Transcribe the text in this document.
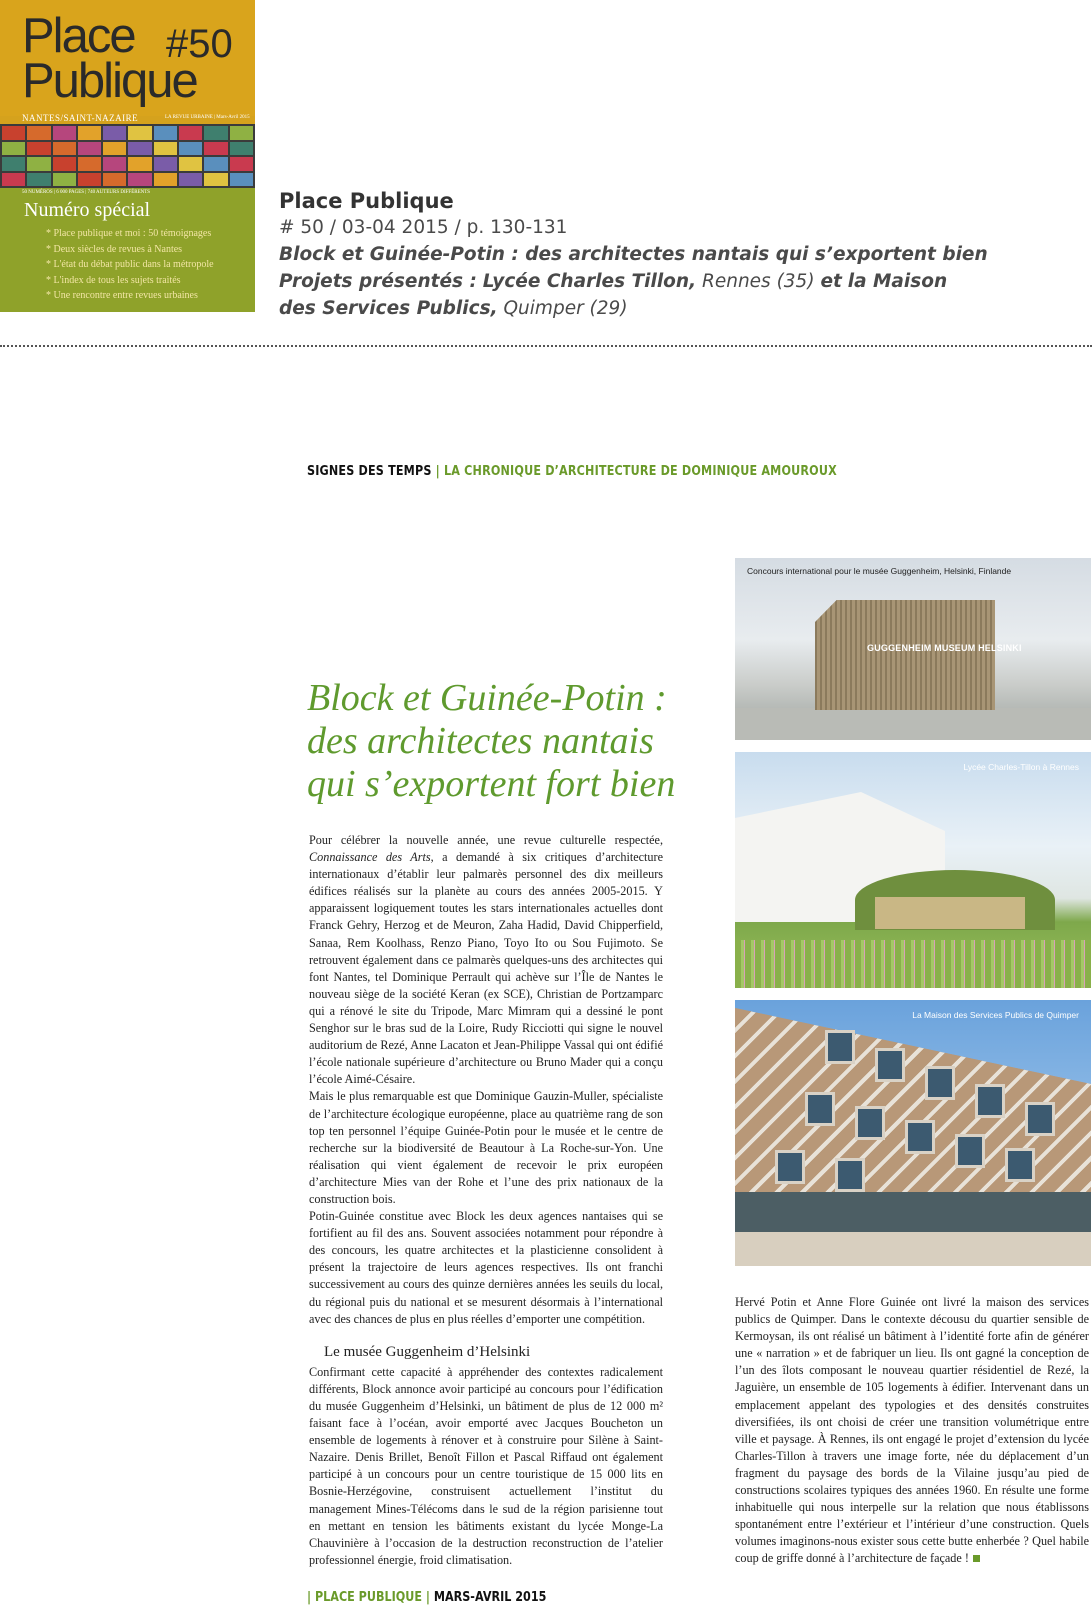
Place
Publique
#50
NANTES/SAINT-NAZAIRE	LA REVUE URBAINE | Mars-Avril 2015
50 NUMÉROS | 6 000 PAGES | 740 AUTEURS DIFFÉRENTS
Numéro spécial
* Place publique et moi : 50 témoignages
* Deux siècles de revues à Nantes
* L'état du débat public dans la métropole
* L'index de tous les sujets traités
* Une rencontre entre revues urbaines
Place Publique
# 50 / 03-04 2015 / p. 130-131
Block et Guinée-Potin : des architectes nantais qui s’exportent bien
Projets présentés : Lycée Charles Tillon, Rennes (35) et la Maison des Services Publics, Quimper (29)
SIGNES DES TEMPS | LA CHRONIQUE D’ARCHITECTURE DE DOMINIQUE AMOUROUX
Block et Guinée-Potin :
des architectes nantais
qui s’exportent fort bien

Pour célébrer la nouvelle année, une revue culturelle respectée, Connaissance des Arts, a demandé à six critiques d’architecture internationaux d’établir leur palmarès personnel des dix meilleurs édifices réalisés sur la planète au cours des années 2005-2015. Y apparaissent logiquement toutes les stars internationales actuelles dont Franck Gehry, Herzog et de Meuron, Zaha Hadid, David Chipperfield, Sanaa, Rem Koolhass, Renzo Piano, Toyo Ito ou Sou Fujimoto. Se retrouvent également dans ce palmarès quelques-uns des architectes qui font Nantes, tel Dominique Perrault qui achève sur l’Île de Nantes le nouveau siège de la société Keran (ex SCE), Christian de Portzamparc qui a rénové le site du Tripode, Marc Mimram qui a dessiné le pont Senghor sur le bras sud de la Loire, Rudy Ricciotti qui signe le nouvel auditorium de Rezé, Anne Lacaton et Jean-Philippe Vassal qui ont édifié l’école nationale supérieure d’architecture ou Bruno Mader qui a conçu l’école Aimé-Césaire.

Mais le plus remarquable est que Dominique Gauzin-Muller, spécialiste de l’architecture écologique européenne, place au quatrième rang de son top ten personnel l’équipe Guinée-Potin pour le musée et le centre de recherche sur la biodiversité de Beautour à La Roche-sur-Yon. Une réalisation qui vient également de recevoir le prix européen d’architecture Mies van der Rohe et l’une des prix nationaux de la construction bois.

Potin-Guinée constitue avec Block les deux agences nantaises qui se fortifient au fil des ans. Souvent associées notamment pour répondre à des concours, les quatre architectes et la plasticienne consolident à présent la trajectoire de leurs agences respectives. Ils ont franchi successivement au cours des quinze dernières années les seuils du local, du régional puis du national et se mesurent désormais à l’international avec des chances de plus en plus réelles d’emporter une compétition.

Le musée Guggenheim d’Helsinki

Confirmant cette capacité à appréhender des contextes radicalement différents, Block annonce avoir participé au concours pour l’édification du musée Guggenheim d’Helsinki, un bâtiment de plus de 12 000 m² faisant face à l’océan, avoir emporté avec Jacques Boucheton un ensemble de logements à rénover et à construire pour Silène à Saint-Nazaire. Denis Brillet, Benoît Fillon et Pascal Riffaud ont également participé à un concours pour un centre touristique de 15 000 lits en Bosnie-Herzégovine, construisent actuellement l’institut du management Mines-Télécoms dans le sud de la région parisienne tout en mettant en tension les bâtiments existant du lycée Monge-La Chauvinière à l’occasion de la destruction reconstruction de l’atelier professionnel énergie, froid climatisation.

GUGGENHEIM MUSEUM HELSINKI
Concours international pour le musée Guggenheim, Helsinki, Finlande
Lycée Charles-Tillon à Rennes
La Maison des Services Publics de Quimper

Hervé Potin et Anne Flore Guinée ont livré la maison des services publics de Quimper. Dans le contexte décousu du quartier sensible de Kermoysan, ils ont réalisé un bâtiment à l’identité forte afin de générer une « narration » et de fabriquer un lieu. Ils ont gagné la conception de l’un des îlots composant le nouveau quartier résidentiel de Rezé, la Jaguière, un ensemble de 105 logements à édifier. Intervenant dans un emplacement appelant des typologies et des densités construites diversifiées, ils ont choisi de créer une transition volumétrique entre ville et paysage. À Rennes, ils ont engagé le projet d’extension du lycée Charles-Tillon à travers une image forte, née du déplacement d’un fragment du paysage des bords de la Vilaine jusqu’au pied de constructions scolaires typiques des années 1960. En résulte une forme inhabituelle qui nous interpelle sur la relation que nous établissons spontanément entre l’extérieur et l’intérieur d’une construction. Quels volumes imaginons-nous exister sous cette butte enherbée ? Quel habile coup de griffe donné à l’architecture de façade !

| PLACE PUBLIQUE | MARS-AVRIL 2015
